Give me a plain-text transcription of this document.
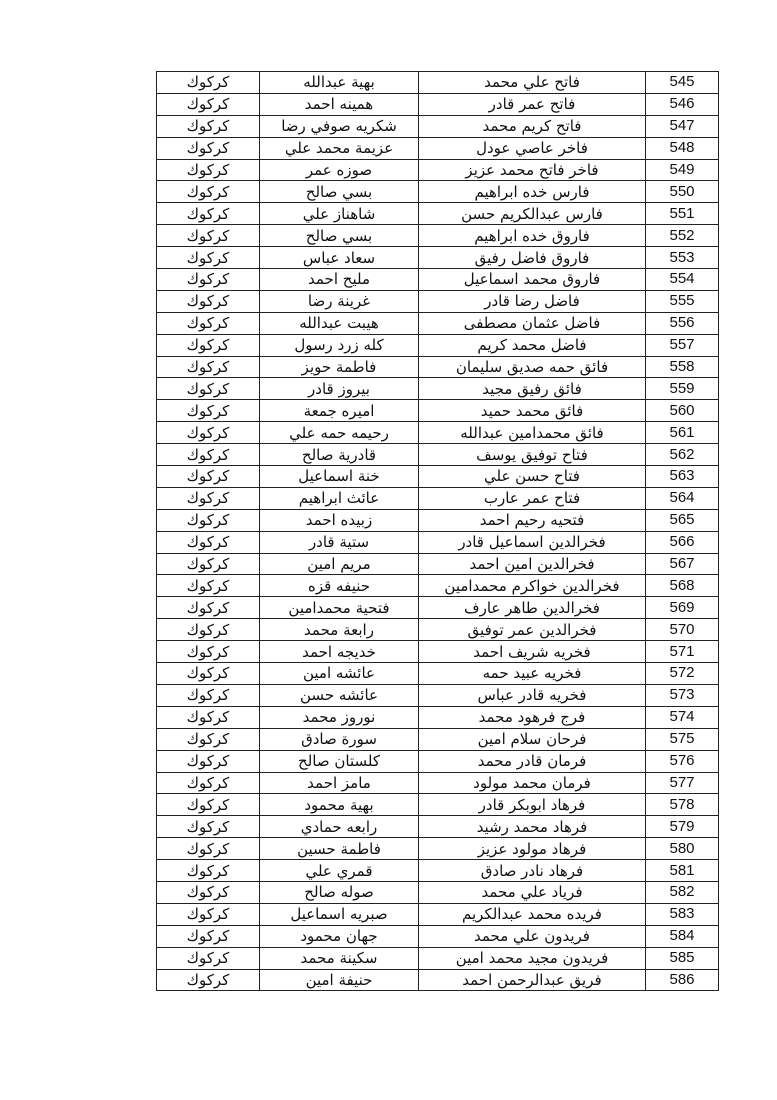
كركوك	بهية عبدالله	فاتح علي محمد	545
كركوك	همينه احمد	فاتح عمر قادر	546
كركوك	شكريه صوفي رضا	فاتح كريم محمد	547
كركوك	عزيمة محمد علي	فاخر عاصي عودل	548
كركوك	صوزه عمر	فاخر فاتح محمد عزيز	549
كركوك	بسي صالح	فارس خده ابراهيم	550
كركوك	شاهناز علي	فارس عبدالكريم حسن	551
كركوك	بسي صالح	فاروق خده ابراهيم	552
كركوك	سعاد عباس	فاروق فاضل رفيق	553
كركوك	مليح احمد	فاروق محمد اسماعيل	554
كركوك	غرينة رضا	فاضل رضا قادر	555
كركوك	هيبت عبدالله	فاضل عثمان مصطفى	556
كركوك	كله زرد رسول	فاضل محمد كريم	557
كركوك	فاطمة حويز	فائق حمه صديق سليمان	558
كركوك	بيروز قادر	فائق رفيق مجيد	559
كركوك	اميره جمعة	فائق محمد حميد	560
كركوك	رحيمه حمه علي	فائق محمدامين عبدالله	561
كركوك	قادرية صالح	فتاح توفيق يوسف	562
كركوك	خنة اسماعيل	فتاح حسن علي	563
كركوك	عائث ابراهيم	فتاح عمر عارب	564
كركوك	زبيده احمد	فتحيه رحيم احمد	565
كركوك	ستية قادر	فخرالدين اسماعيل قادر	566
كركوك	مريم امين	فخرالدين امين احمد	567
كركوك	حنيفه قزه	فخرالدين خواكرم محمدامين	568
كركوك	فتحية محمدامين	فخرالدين طاهر عارف	569
كركوك	رابعة محمد	فخرالدين عمر توفيق	570
كركوك	خديجه احمد	فخريه شريف احمد	571
كركوك	عائشه امين	فخريه عبيد حمه	572
كركوك	عائشه حسن	فخريه قادر عباس	573
كركوك	نوروز محمد	فرج فرهود محمد	574
كركوك	سورة صادق	فرحان سلام امين	575
كركوك	كلستان صالح	فرمان قادر محمد	576
كركوك	مامز احمد	فرمان محمد مولود	577
كركوك	بهية محمود	فرهاد ابوبكر قادر	578
كركوك	رابعه حمادي	فرهاد محمد رشيد	579
كركوك	فاطمة حسين	فرهاد مولود عزيز	580
كركوك	قمري علي	فرهاد نادر صادق	581
كركوك	صوله صالح	فرياد علي محمد	582
كركوك	صبريه اسماعيل	فريده محمد عبدالكريم	583
كركوك	جهان محمود	فريدون علي محمد	584
كركوك	سكينة محمد	فريدون مجيد محمد امين	585
كركوك	حنيفة امين	فريق عبدالرحمن احمد	586
